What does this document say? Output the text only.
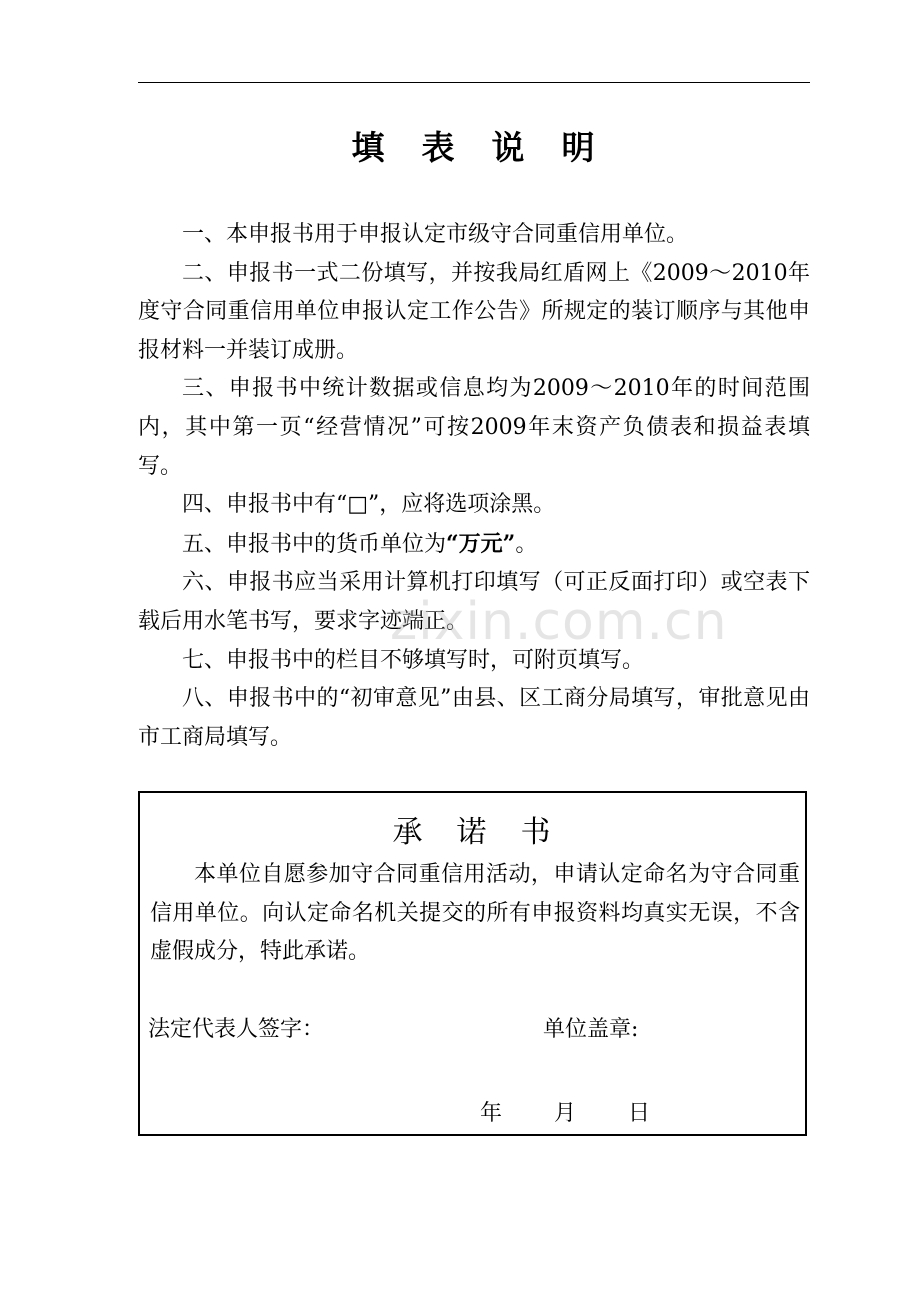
填　表　说　明

一、本申报书用于申报认定市级守合同重信用单位。

二、申报书一式二份填写，并按我局红盾网上《2009～2010年度守合同重信用单位申报认定工作公告》所规定的装订顺序与其他申报材料一并装订成册。

三、申报书中统计数据或信息均为2009～2010年的时间范围内，其中第一页“经营情况”可按2009年末资产负债表和损益表填写。

四、申报书中有“□”，应将选项涂黑。

五、申报书中的货币单位为“万元”。

六、申报书应当采用计算机打印填写（可正反面打印）或空表下载后用水笔书写，要求字迹端正。

七、申报书中的栏目不够填写时，可附页填写。

八、申报书中的“初审意见”由县、区工商分局填写，审批意见由市工商局填写。

zixin.com.cn
承　诺　书

本单位自愿参加守合同重信用活动，申请认定命名为守合同重信用单位。向认定命名机关提交的所有申报资料均真实无误，不含虚假成分，特此承诺。

法定代表人签字：	单位盖章:
年 月 日
